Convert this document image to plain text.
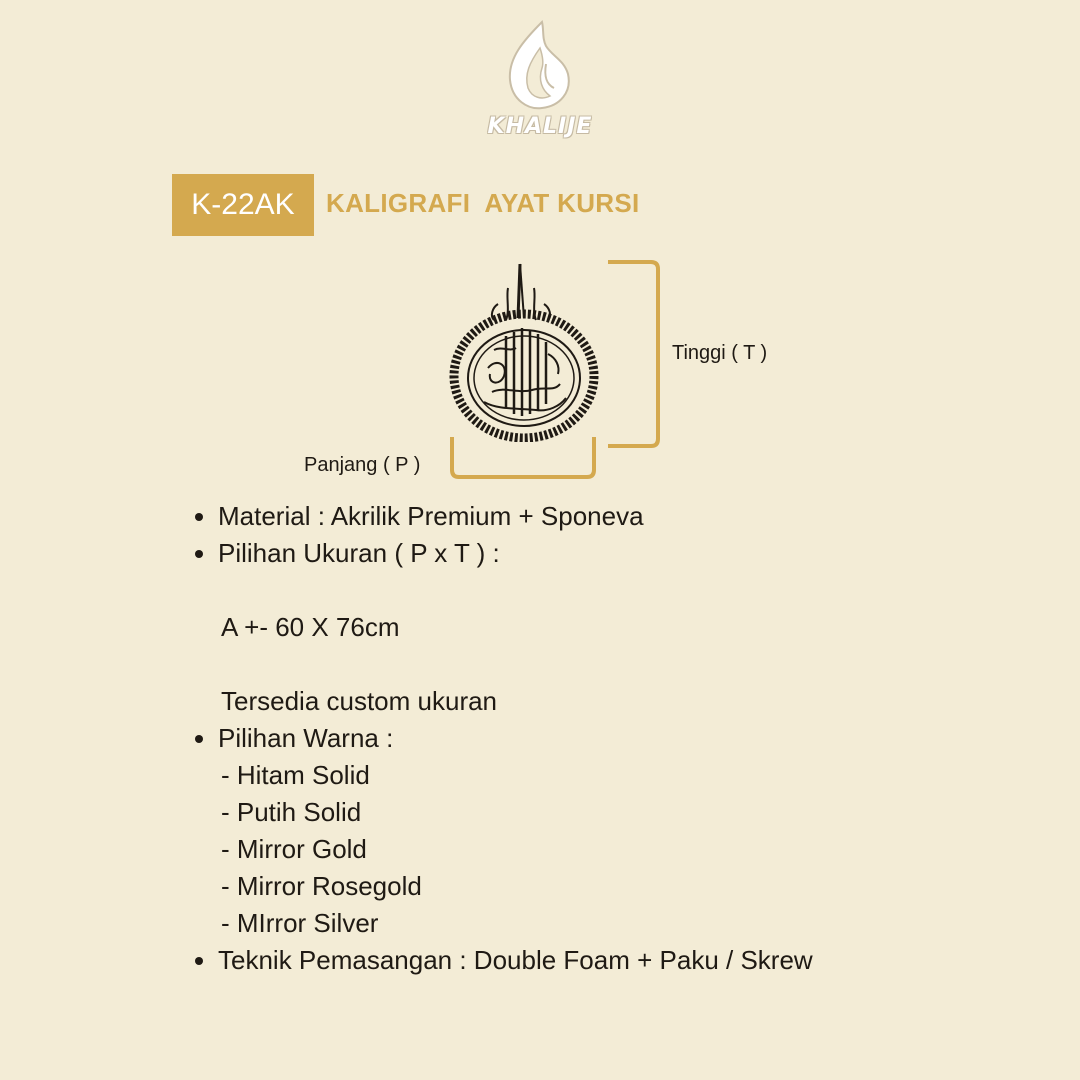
KHALIJE
K-22AK	KALIGRAFI  AYAT KURSI
Tinggi ( T )
Panjang ( P )
Material : Akrilik Premium + Sponeva
Pilihan Ukuran ( P x T ) :
A +- 60 X 76cm
Tersedia custom ukuran
Pilihan Warna :
- Hitam Solid
- Putih Solid
- Mirror Gold
- Mirror Rosegold
- MIrror Silver
Teknik Pemasangan : Double Foam + Paku / Skrew
